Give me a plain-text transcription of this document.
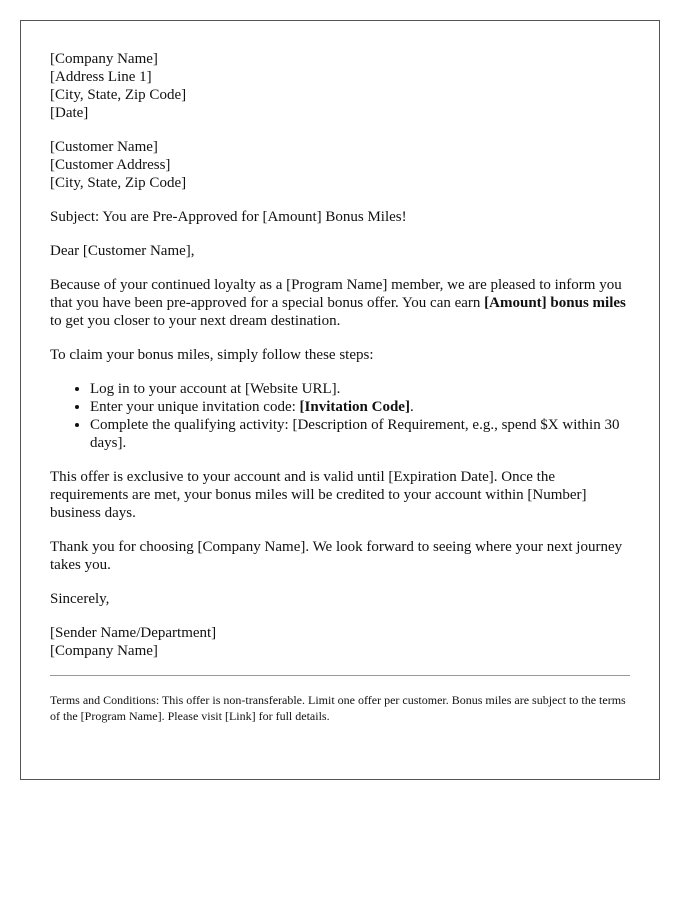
[Company Name]
[Address Line 1]
[City, State, Zip Code]
[Date]
[Customer Name]
[Customer Address]
[City, State, Zip Code]

Subject: You are Pre-Approved for [Amount] Bonus Miles!

Dear [Customer Name],

Because of your continued loyalty as a [Program Name] member, we are pleased to inform you that you have been pre-approved for a special bonus offer. You can earn [Amount] bonus miles to get you closer to your next dream destination.

To claim your bonus miles, simply follow these steps:

• Log in to your account at [Website URL].
• Enter your unique invitation code: [Invitation Code].
• Complete the qualifying activity: [Description of Requirement, e.g., spend $X within 30 days].

This offer is exclusive to your account and is valid until [Expiration Date]. Once the requirements are met, your bonus miles will be credited to your account within [Number] business days.

Thank you for choosing [Company Name]. We look forward to seeing where your next journey takes you.

Sincerely,

[Sender Name/Department]
[Company Name]

Terms and Conditions: This offer is non-transferable. Limit one offer per customer. Bonus miles are subject to the terms of the [Program Name]. Please visit [Link] for full details.
